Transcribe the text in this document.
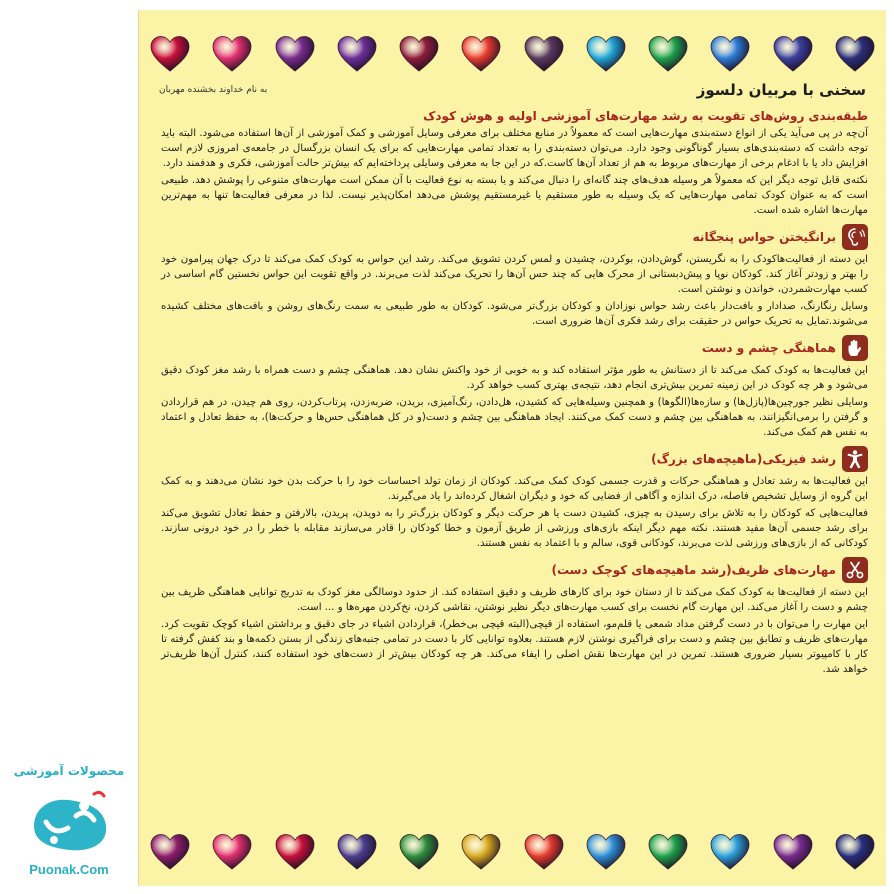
سخنی با مربیان دلسوز
به نام خداوند بخشنده مهربان
طبقه‌بندی روش‌های تقویت به رشد مهارت‌های آموزشی اولیه و هوش کودک

آن‌چه در پی می‌آید یکی از انواع دسته‌بندی مهارت‌هایی است که معمولاً در منابع مختلف برای معرفی وسایل آموزشی و کمک آموزشی از آن‌ها استفاده می‌شود. البته باید توجه داشت که دسته‌بندی‌های بسیار گوناگونی وجود دارد. می‌توان دسته‌بندی را به تعداد تمامی مهارت‌هایی که برای یک انسان بزرگسال در جامعه‌ی امروزی لازم است افزایش داد یا با ادغام برخی از مهارت‌های مربوط به هم از تعداد آن‌ها کاست.که در این جا به معرفی وسایلی پرداخته‌ایم که بیش‌تر حالت آموزشی، فکری و هدفمند دارد.

نکته‌ی قابل توجه دیگر این که معمولاً هر وسیله هدف‌های چند گانه‌ای را دنبال می‌کند و یا بسته به نوع فعالیت با آن ممکن است مهارت‌های متنوعی را پوشش دهد. طبیعی است که به عنوان کودک تمامی مهارت‌هایی که یک وسیله به طور مستقیم یا غیرمستقیم پوشش می‌دهد امکان‌پذیر نیست. لذا در معرفی فعالیت‌ها تنها به مهم‌ترین مهارت‌ها اشاره شده است.

برانگیختن حواس پنجگانه

این دسته از فعالیت‌هاکودک را به نگریستن، گوش‌دادن، بوکردن، چشیدن و لمس کردن تشویق می‌کند. رشد این حواس به کودک کمک می‌کند تا درک جهان پیرامون خود را بهتر و زودتر آغاز کند. کودکان نوپا و پیش‌دبستانی از محرک هایی که چند حس آن‌ها را تحریک می‌کند لذت می‌برند. در واقع تقویت این حواس نخستین گام اساسی در کسب مهارت‌شمردن، خواندن و نوشتن است.

وسایل رنگارنگ، صدادار و بافت‌دار باعث رشد حواس نوزادان و کودکان بزرگ‌تر می‌شود. کودکان به طور طبیعی به سمت رنگ‌های روشن و بافت‌های مختلف کشیده می‌شوند.تمایل به تحریک حواس در حقیقت برای رشد فکری آن‌ها ضروری است.

هماهنگی چشم و دست

این فعالیت‌ها به کودک کمک می‌کند تا از دستانش به طور مؤثر استفاده کند و به خوبی از خود واکنش نشان دهد. هماهنگی چشم و دست همراه با رشد مغز کودک دقیق می‌شود و هر چه کودک در این زمینه تمرین بیش‌تری انجام دهد، نتیجه‌ی بهتری کسب خواهد کرد.

وسایلی نظیر جورچین‌ها(پازل‌ها) و سازه‌ها(الگوها) و همچنین وسیله‌هایی که کشیدن، هل‌دادن، رنگ‌آمیزی، بریدن، ضربه‌زدن، پرتاب‌کردن، روی هم چیدن، در هم قراردادن و گرفتن را برمی‌انگیزانند، به هماهنگی بین چشم و دست کمک می‌کنند. ایجاد هماهنگی بین چشم و دست(و در کل هماهنگی حس‌ها و حرکت‌ها)، به حفظ تعادل و اعتماد به نفس هم کمک می‌کند.

رشد فیزیکی(ماهیچه‌های بزرگ)

این فعالیت‌ها به رشد تعادل و هماهنگی حرکات و قدرت جسمی کودک کمک می‌کند. کودکان از زمان تولد احساسات خود را با حرکت بدن خود نشان می‌دهند و به کمک این گروه از وسایل تشخیص فاصله، درک اندازه و آگاهی از فضایی که خود و دیگران اشغال کرده‌اند را یاد می‌گیرند.

فعالیت‌هایی که کودکان را به تلاش برای رسیدن به چیزی، کشیدن دست یا هر حرکت دیگر و کودکان بزرگ‌تر را به دویدن، پریدن، بالارفتن و حفظ تعادل تشویق می‌کند برای رشد جسمی آن‌ها مفید هستند. نکته مهم دیگر اینکه بازی‌های ورزشی از طریق آزمون و خطا کودکان را قادر می‌سازند مقابله با خطر را در خود درونی سازند. کودکانی که از بازی‌های ورزشی لذت می‌برند، کودکانی قوی، سالم و با اعتماد به نفس هستند.

مهارت‌های ظریف(رشد ماهیچه‌های کوچک دست)

این دسته از فعالیت‌ها به کودک کمک می‌کند تا از دستان خود برای کارهای ظریف و دقیق استفاده کند. از حدود دوسالگی مغز کودک به تدریج توانایی هماهنگی ظریف بین چشم و دست را آغاز می‌کند. این مهارت گام نخست برای کسب مهارت‌های دیگر نظیر نوشتن، نقاشی کردن، نخ‌کردن مهره‌ها و ... است.

این مهارت را می‌توان با در دست گرفتن مداد شمعی یا قلم‌مو، استفاده از قیچی(البته قیچی بی‌خطر)، قراردادن اشیاء در جای دقیق و برداشتن اشیاء کوچک تقویت کرد. مهارت‌های ظریف و تطابق بین چشم و دست برای فراگیری نوشتن لازم هستند. بعلاوه توانایی کار با دست در تمامی جنبه‌های زندگی از بستن دکمه‌ها و بند کفش گرفته تا کار با کامپیوتر بسیار ضروری هستند. تمرین در این مهارت‌ها نقش اصلی را ایفاء می‌کند. هر چه کودکان بیش‌تر از دست‌های خود استفاده کنند، کنترل آن‌ها ظریف‌تر خواهد شد.

محصولات آموزشی
Puonak.Com
